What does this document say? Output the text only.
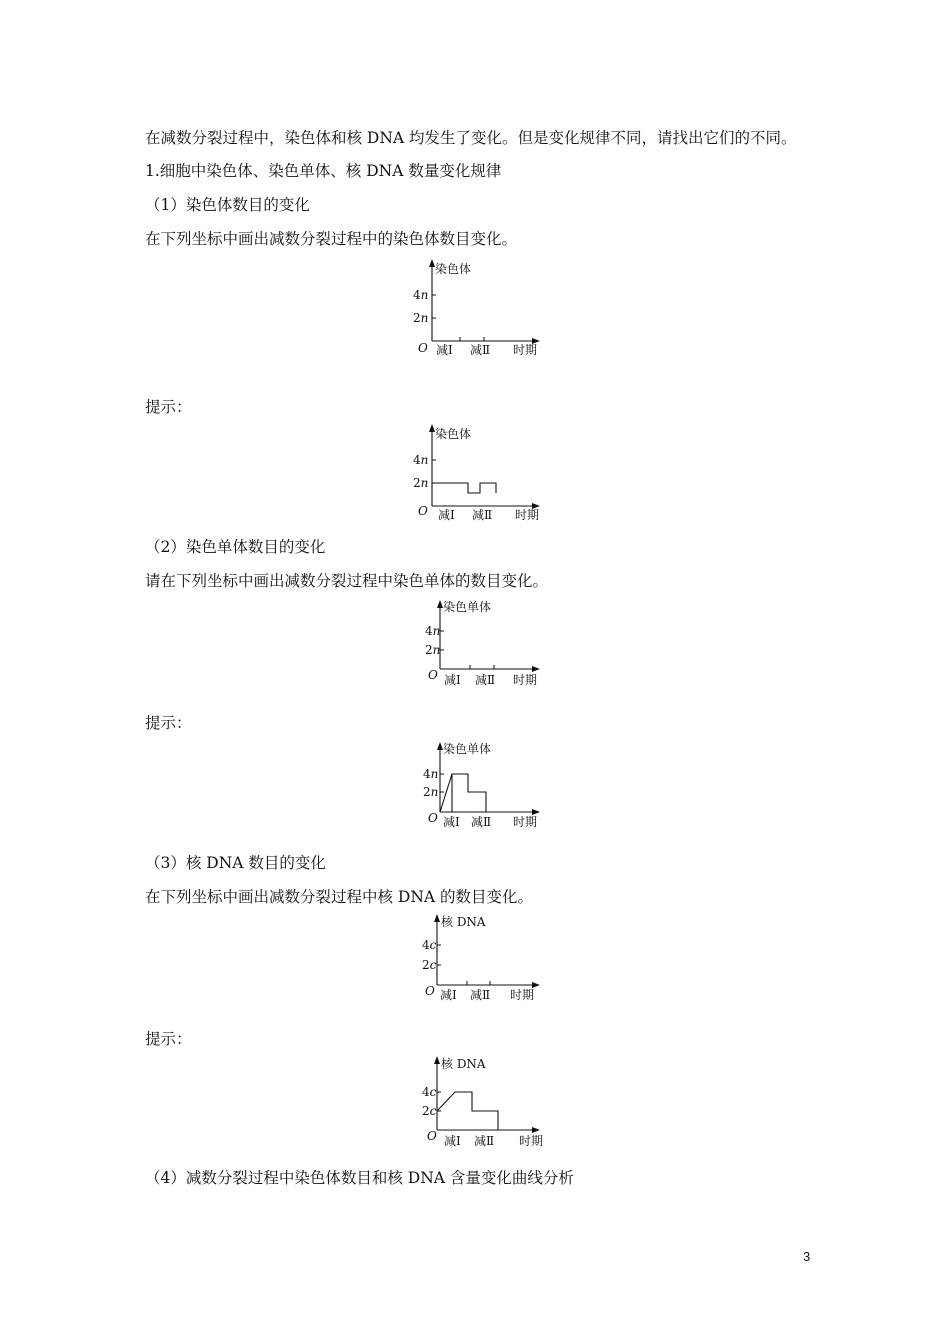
在减数分裂过程中，染色体和核 DNA 均发生了变化。但是变化规律不同，请找出它们的不同。
1.细胞中染色体、染色单体、核 DNA 数量变化规律
（1）染色体数目的变化
在下列坐标中画出减数分裂过程中的染色体数目变化。
染色体
4n
2n
O 减Ⅰ 减Ⅱ 时期
提示：
染色体
4n
2n
O 减Ⅰ 减Ⅱ 时期
（2）染色单体数目的变化
请在下列坐标中画出减数分裂过程中染色单体的数目变化。
染色单体
4n
2n
O 减Ⅰ 减Ⅱ 时期
提示：
染色单体
4n
2n
O 减Ⅰ 减Ⅱ 时期
（3）核 DNA 数目的变化
在下列坐标中画出减数分裂过程中核 DNA 的数目变化。
核 DNA
4c
2c
O 减Ⅰ 减Ⅱ 时期
提示：
核 DNA
4c
2c
O 减Ⅰ 减Ⅱ 时期
（4）减数分裂过程中染色体数目和核 DNA 含量变化曲线分析
3
